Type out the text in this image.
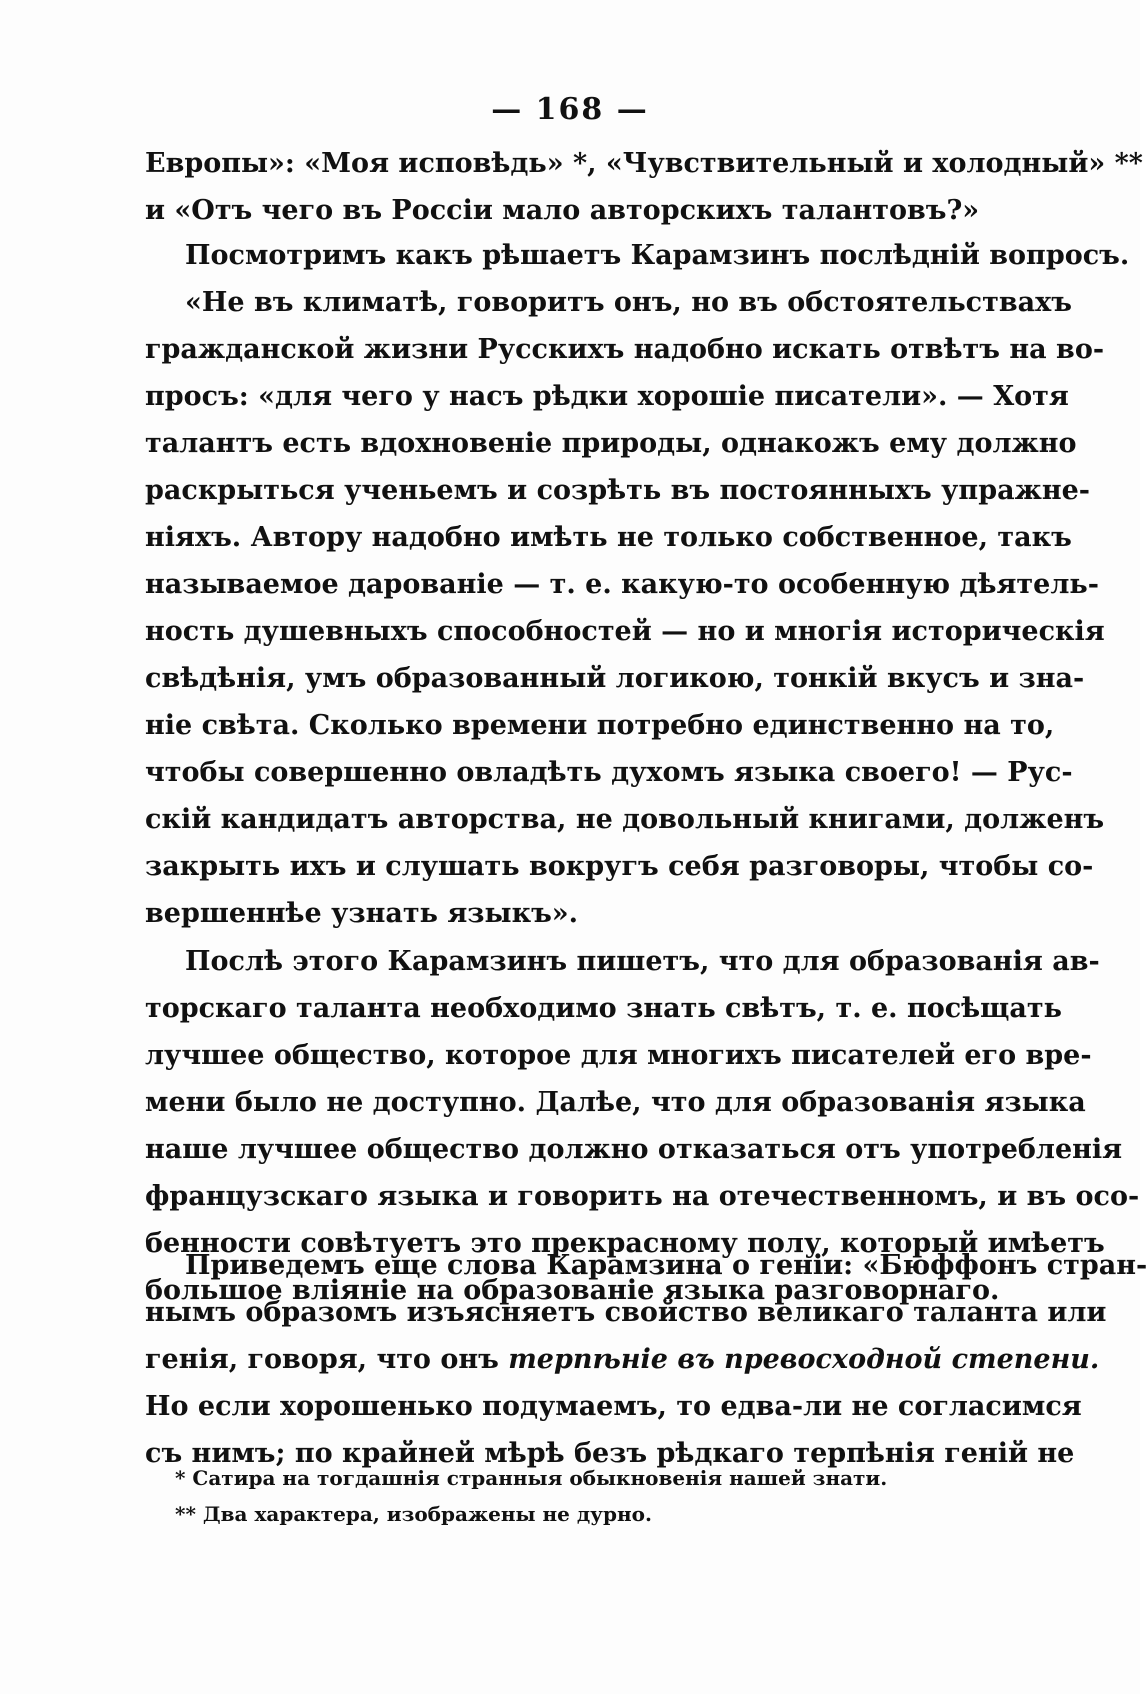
— 168 —
Европы»: «Моя исповѣдь» *, «Чувствительный и холодный» **
и «Отъ чего въ Россіи мало авторскихъ талантовъ?»
Посмотримъ какъ рѣшаетъ Карамзинъ послѣдній вопросъ.
«Не въ климатѣ, говоритъ онъ, но въ обстоятельствахъ
гражданской жизни Русскихъ надобно искать отвѣтъ на во-
просъ: «для чего у насъ рѣдки хорошіе писатели». — Хотя
талантъ есть вдохновеніе природы, однакожъ ему должно
раскрыться ученьемъ и созрѣть въ постоянныхъ упражне-
ніяхъ. Автору надобно имѣть не только собственное, такъ
называемое дарованіе — т. е. какую-то особенную дѣятель-
ность душевныхъ способностей — но и многія историческія
свѣдѣнія, умъ образованный логикою, тонкій вкусъ и зна-
ніе свѣта. Сколько времени потребно единственно на то,
чтобы совершенно овладѣть духомъ языка своего! — Рус-
скій кандидатъ авторства, не довольный книгами, долженъ
закрыть ихъ и слушать вокругъ себя разговоры, чтобы со-
вершеннѣе узнать языкъ».
Послѣ этого Карамзинъ пишетъ, что для образованія ав-
торскаго таланта необходимо знать свѣтъ, т. е. посѣщать
лучшее общество, которое для многихъ писателей его вре-
мени было не доступно. Далѣе, что для образованія языка
наше лучшее общество должно отказаться отъ употребленія
французскаго языка и говорить на отечественномъ, и въ осо-
бенности совѣтуетъ это прекрасному полу, который имѣетъ
большое вліяніе на образованіе языка разговорнаго.
Приведемъ еще слова Карамзина о геніи: «Бюффонъ стран-
нымъ образомъ изъясняетъ свойство великаго таланта или
генія, говоря, что онъ терпѣніе въ превосходной степени.
Но если хорошенько подумаемъ, то едва-ли не согласимся
съ нимъ; по крайней мѣрѣ безъ рѣдкаго терпѣнія геній не
* Сатира на тогдашнія странныя обыкновенія нашей знати.
** Два характера, изображены не дурно.
